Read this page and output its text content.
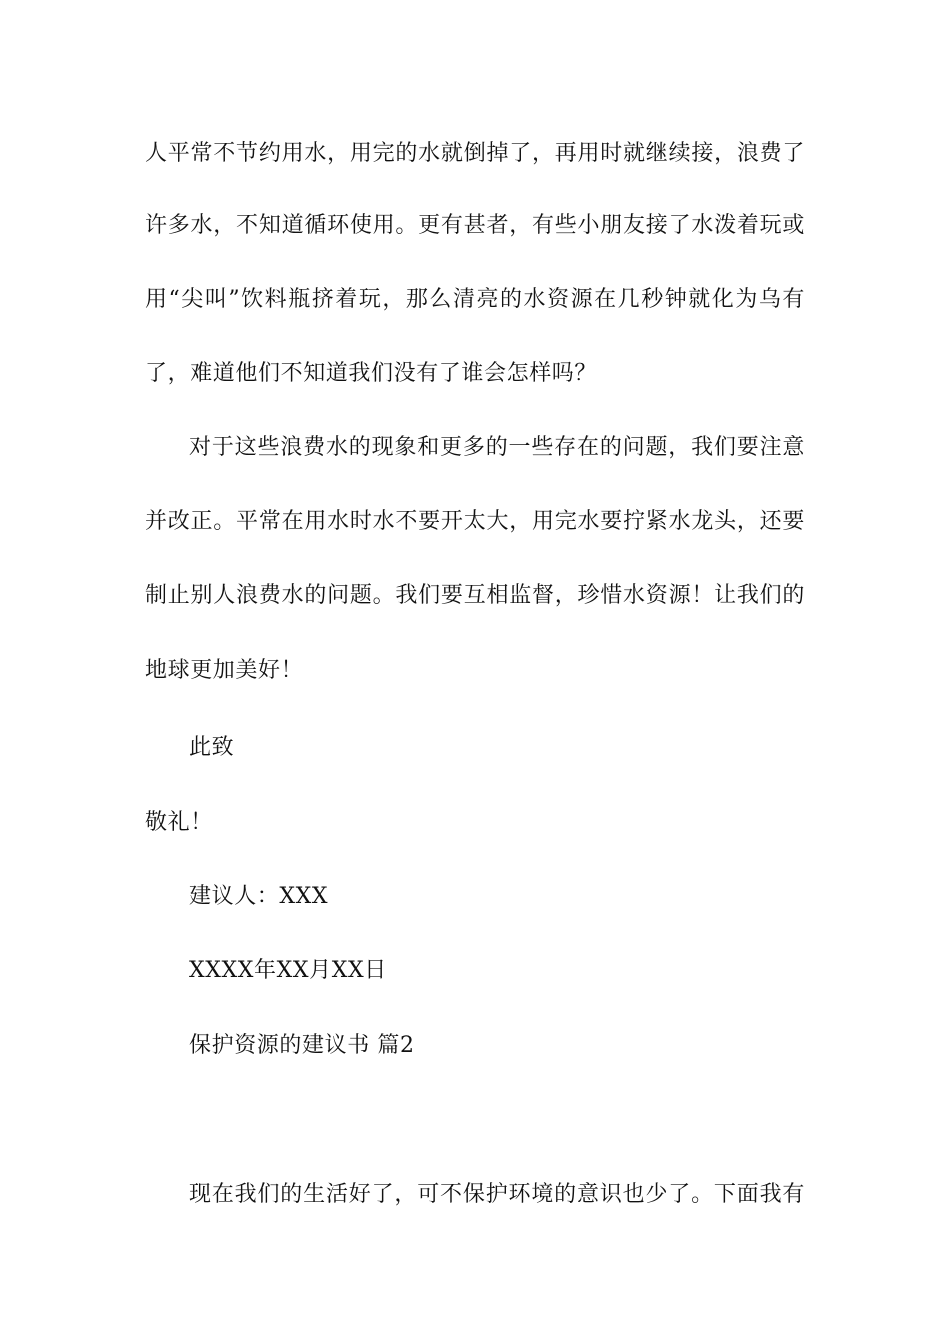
人平常不节约用水，用完的水就倒掉了，再用时就继续接，浪费了
许多水，不知道循环使用。更有甚者，有些小朋友接了水泼着玩或
用“尖叫”饮料瓶挤着玩，那么清亮的水资源在几秒钟就化为乌有
了，难道他们不知道我们没有了谁会怎样吗？
对于这些浪费水的现象和更多的一些存在的问题，我们要注意
并改正。平常在用水时水不要开太大，用完水要拧紧水龙头，还要
制止别人浪费水的问题。我们要互相监督，珍惜水资源！让我们的
地球更加美好！
此致
敬礼！
建议人：XXX
XXXX年XX月XX日
保护资源的建议书 篇2
现在我们的生活好了，可不保护环境的意识也少了。下面我有
